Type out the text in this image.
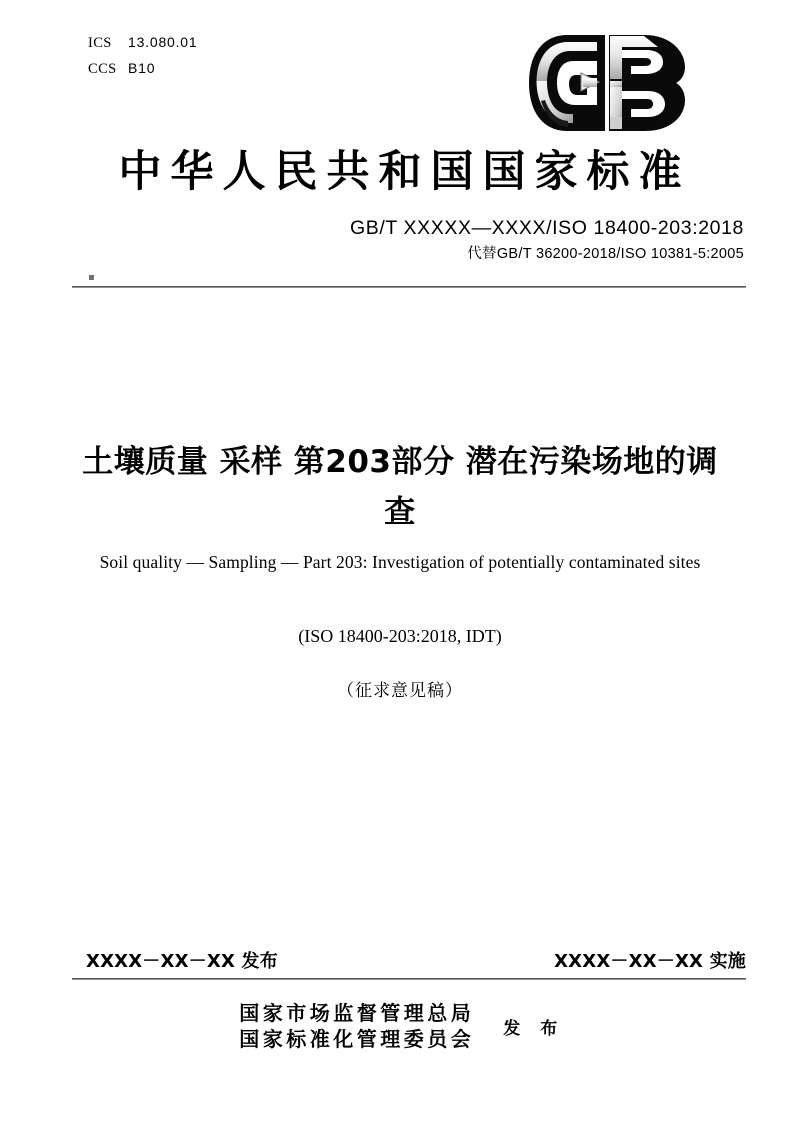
ICS 13.080.01
CCS B10
中华人民共和国国家标准
GB/T XXXXX—XXXX/ISO 18400-203:2018
代替GB/T 36200-2018/ISO 10381-5:2005
土壤质量 采样 第203部分 潜在污染场地的调查
Soil quality — Sampling — Part 203: Investigation of potentially contaminated sites
(ISO 18400-203:2018, IDT)
（征求意见稿）
XXXX－XX－XX 发布	XXXX－XX－XX 实施
国家市场监督管理总局
国家标准化管理委员会	发 布
